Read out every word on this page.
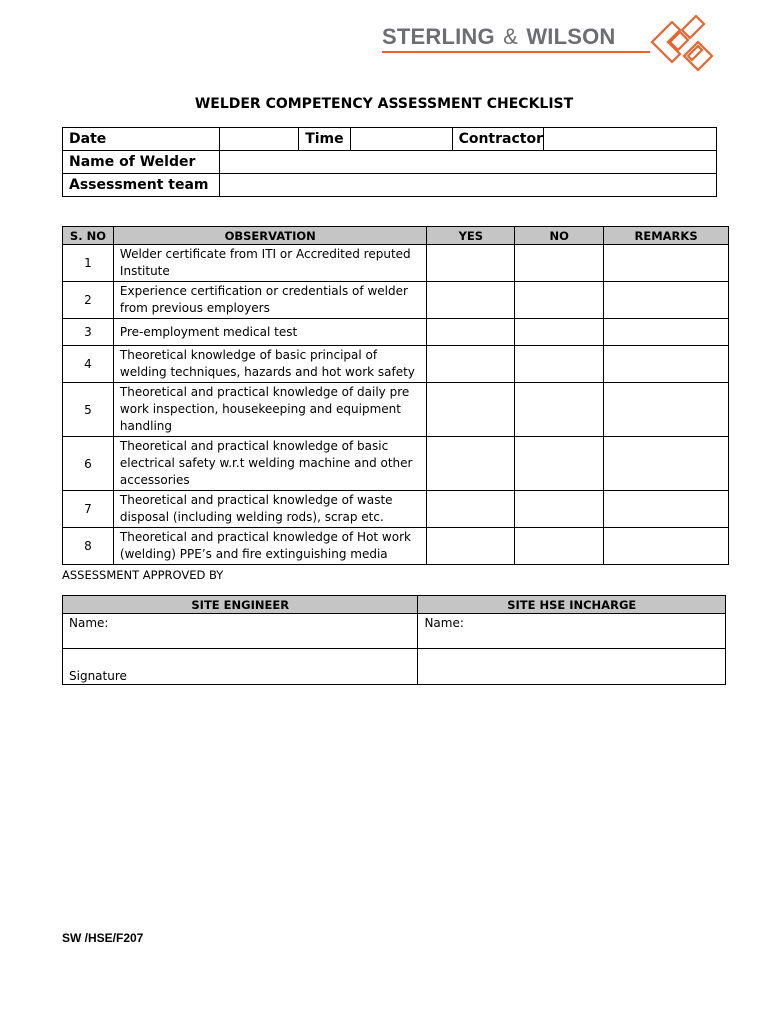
STERLING & WILSON
WELDER COMPETENCY ASSESSMENT CHECKLIST
Date		Time		Contractor	
Name of Welder					
Assessment team					
S. NO	OBSERVATION	YES	NO	REMARKS
1	Welder certificate from ITI or Accredited reputed Institute			
2	Experience certification or credentials of welder from previous employers			
3	Pre-employment medical test			
4	Theoretical knowledge of basic principal of welding techniques, hazards and hot work safety			
5	Theoretical and practical knowledge of daily pre work inspection, housekeeping and equipment handling			
6	Theoretical and practical knowledge of basic electrical safety w.r.t welding machine and other accessories			
7	Theoretical and practical knowledge of waste disposal (including welding rods), scrap etc.			
8	Theoretical and practical knowledge of Hot work (welding) PPE’s and fire extinguishing media			
ASSESSMENT APPROVED BY
SITE ENGINEER	SITE HSE INCHARGE
Name:	Name:
Signature	
SW /HSE/F207
